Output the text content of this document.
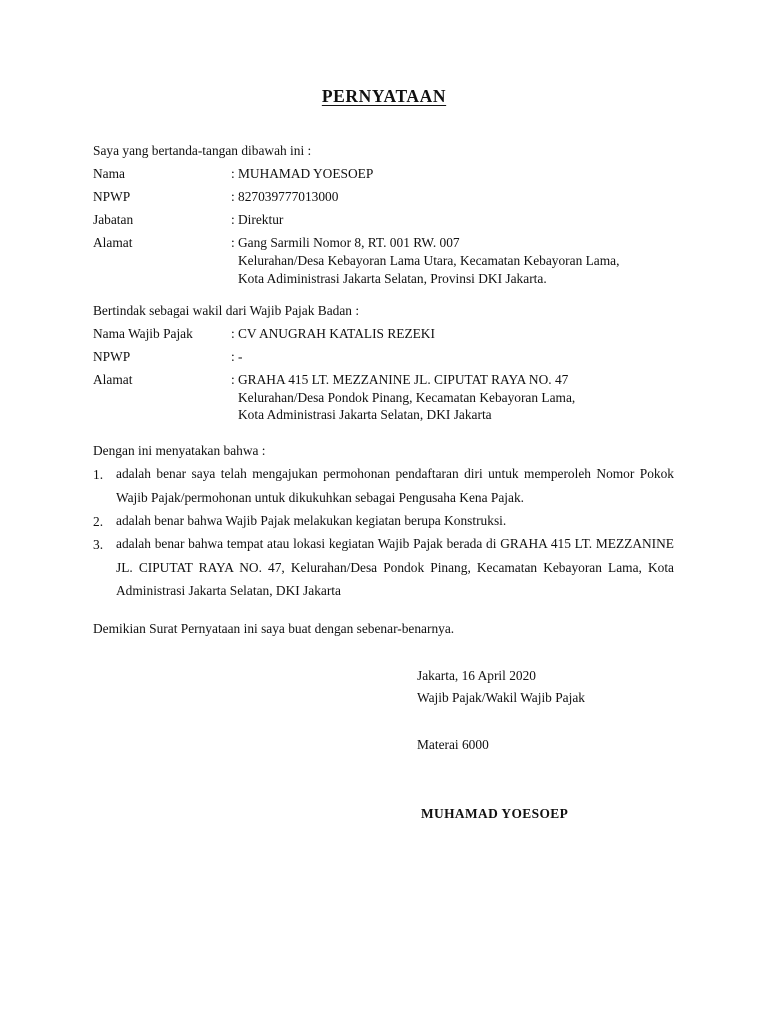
PERNYATAAN
Saya yang bertanda-tangan dibawah ini :
Nama	: MUHAMAD YOESOEP
NPWP	: 827039777013000
Jabatan	: Direktur
Alamat	: Gang Sarmili Nomor 8, RT. 001 RW. 007
Kelurahan/Desa Kebayoran Lama Utara, Kecamatan Kebayoran Lama,
Kota Adiministrasi Jakarta Selatan, Provinsi DKI Jakarta.
Bertindak sebagai wakil dari Wajib Pajak Badan :
Nama Wajib Pajak	: CV ANUGRAH KATALIS REZEKI
NPWP	: -
Alamat	: GRAHA 415 LT. MEZZANINE JL. CIPUTAT RAYA NO. 47
Kelurahan/Desa Pondok Pinang, Kecamatan Kebayoran Lama,
Kota Administrasi Jakarta Selatan, DKI Jakarta
Dengan ini menyatakan bahwa :
1. adalah benar saya telah mengajukan permohonan pendaftaran diri untuk memperoleh Nomor Pokok Wajib Pajak/permohonan untuk dikukuhkan sebagai Pengusaha Kena Pajak.
2. adalah benar bahwa Wajib Pajak melakukan kegiatan berupa Konstruksi.
3. adalah benar bahwa tempat atau lokasi kegiatan Wajib Pajak berada di GRAHA 415 LT. MEZZANINE JL. CIPUTAT RAYA NO. 47, Kelurahan/Desa Pondok Pinang, Kecamatan Kebayoran Lama, Kota Administrasi Jakarta Selatan, DKI Jakarta
Demikian Surat Pernyataan ini saya buat dengan sebenar-benarnya.
Jakarta, 16 April 2020
Wajib Pajak/Wakil Wajib Pajak
Materai 6000
MUHAMAD YOESOEP
